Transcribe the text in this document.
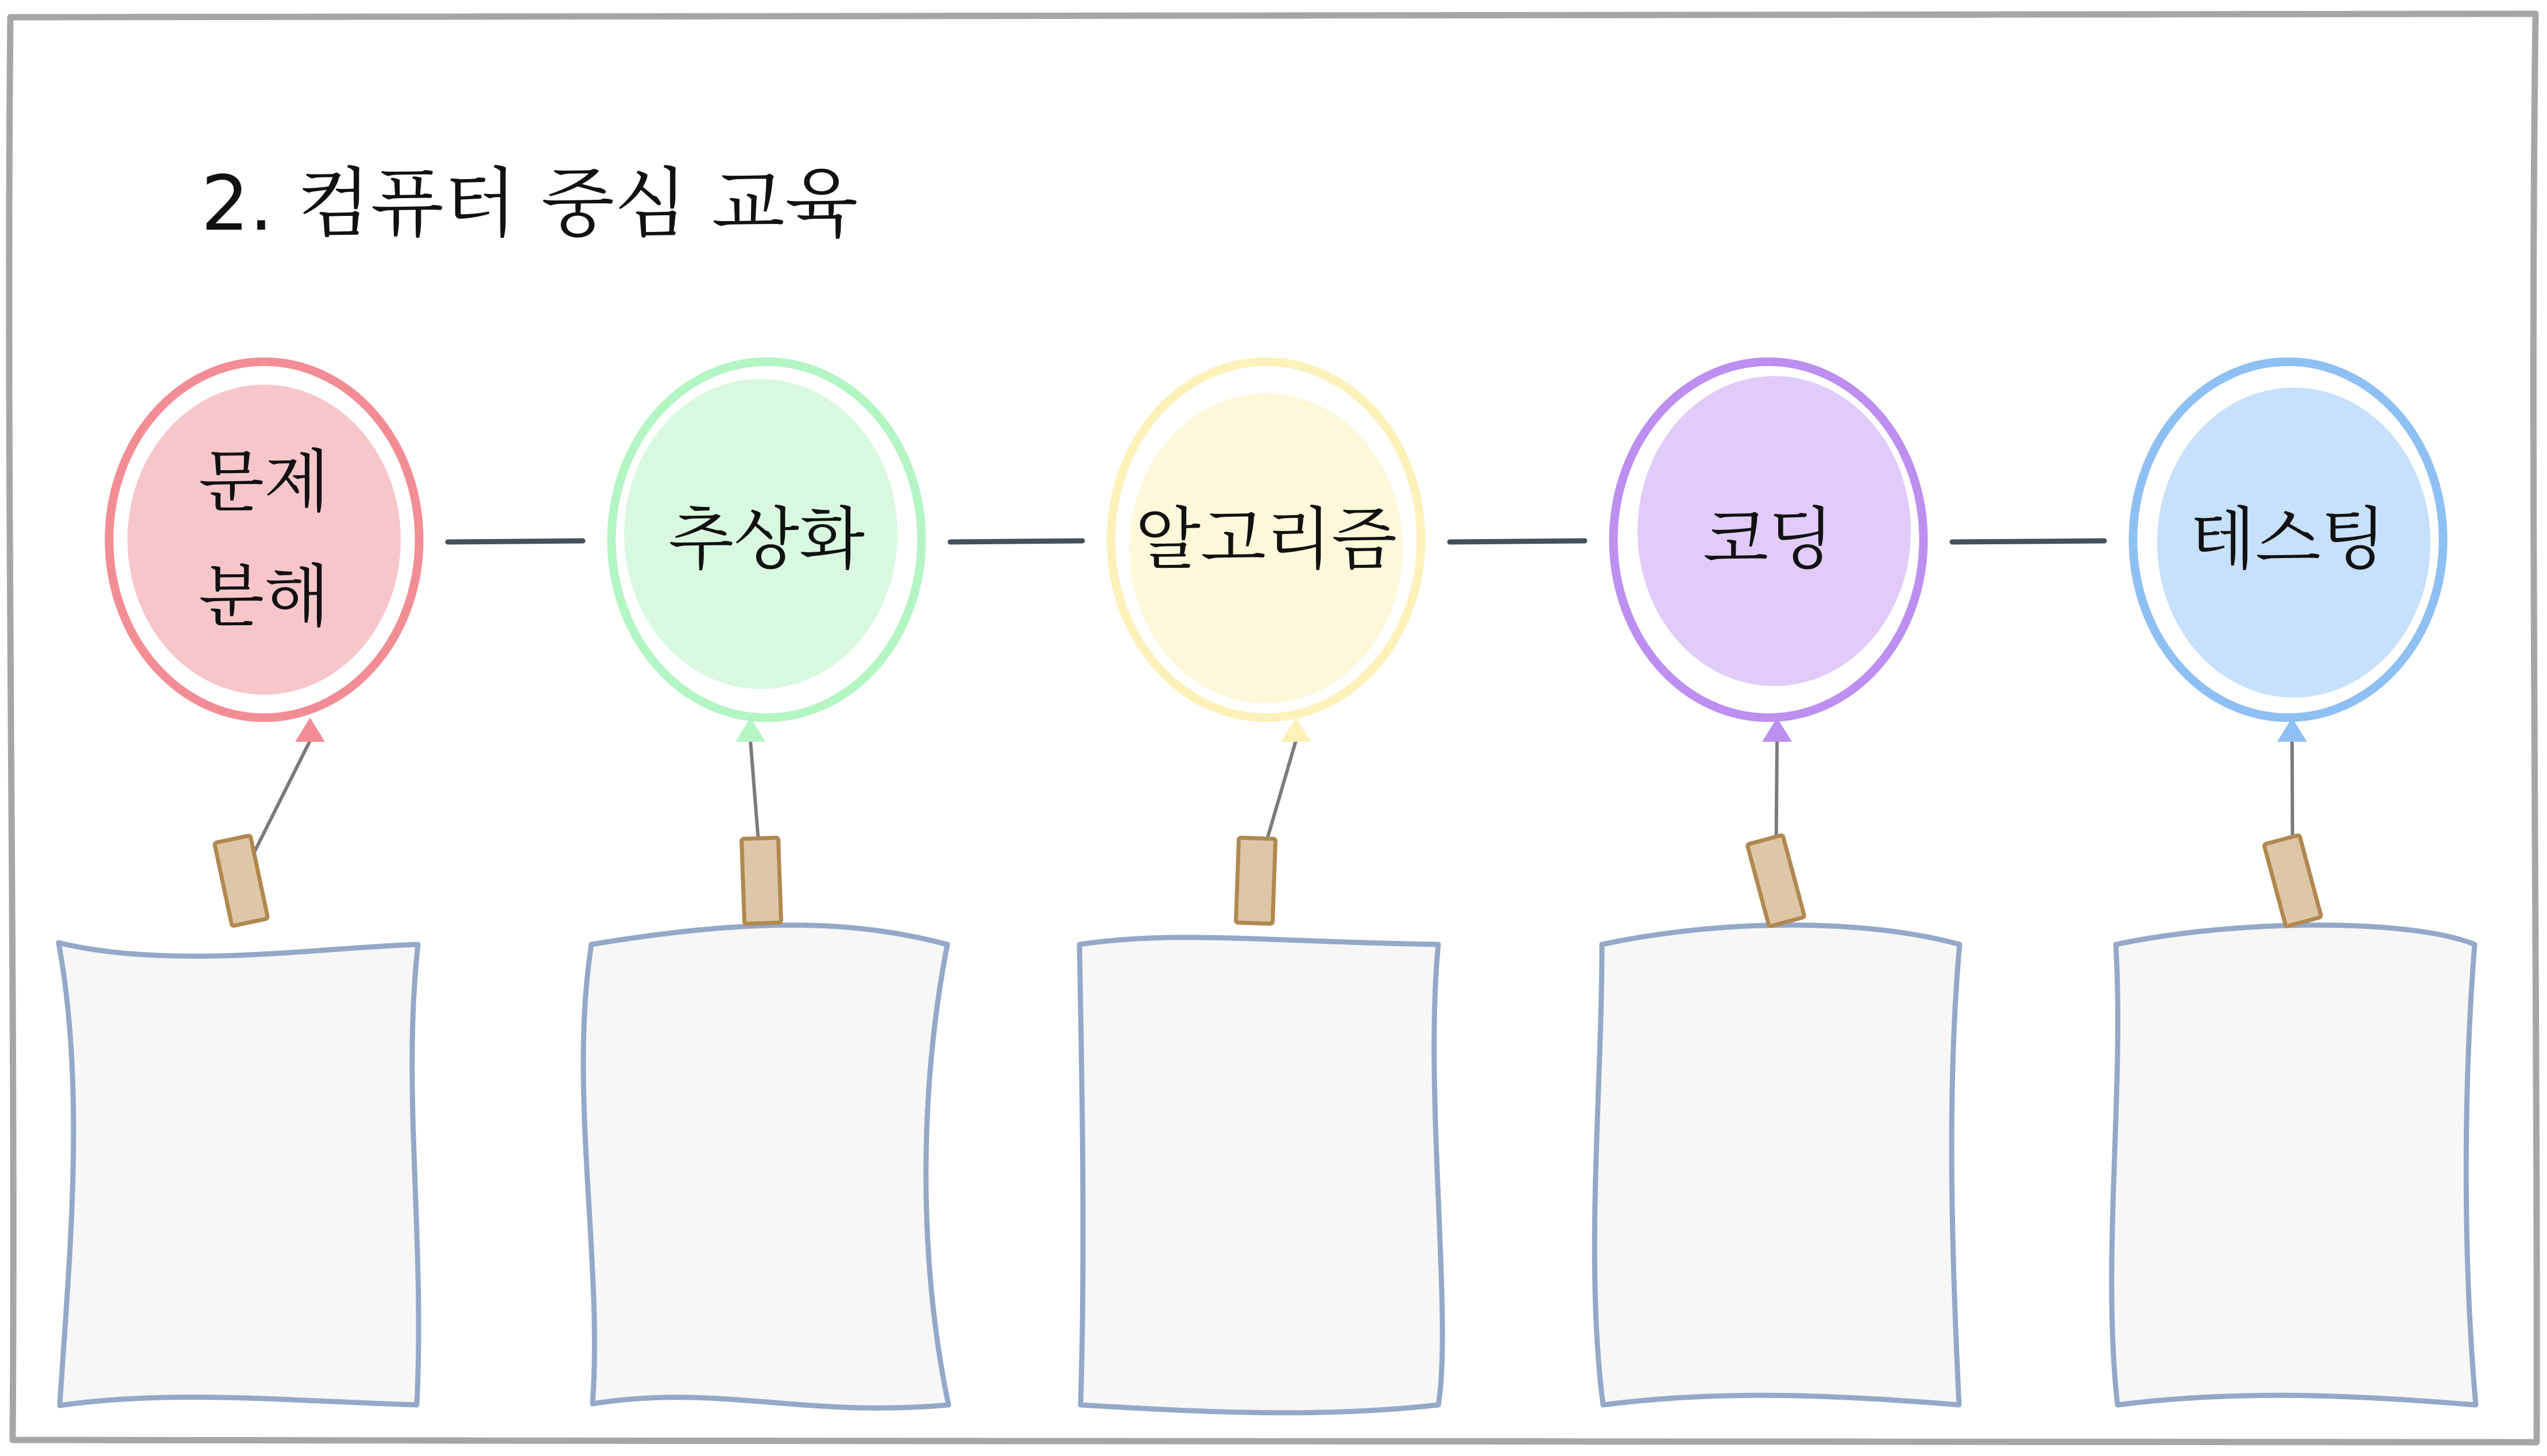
2. 컴퓨터 중심 교육
문제
분해
추상화	알고리즘	코딩	테스팅
